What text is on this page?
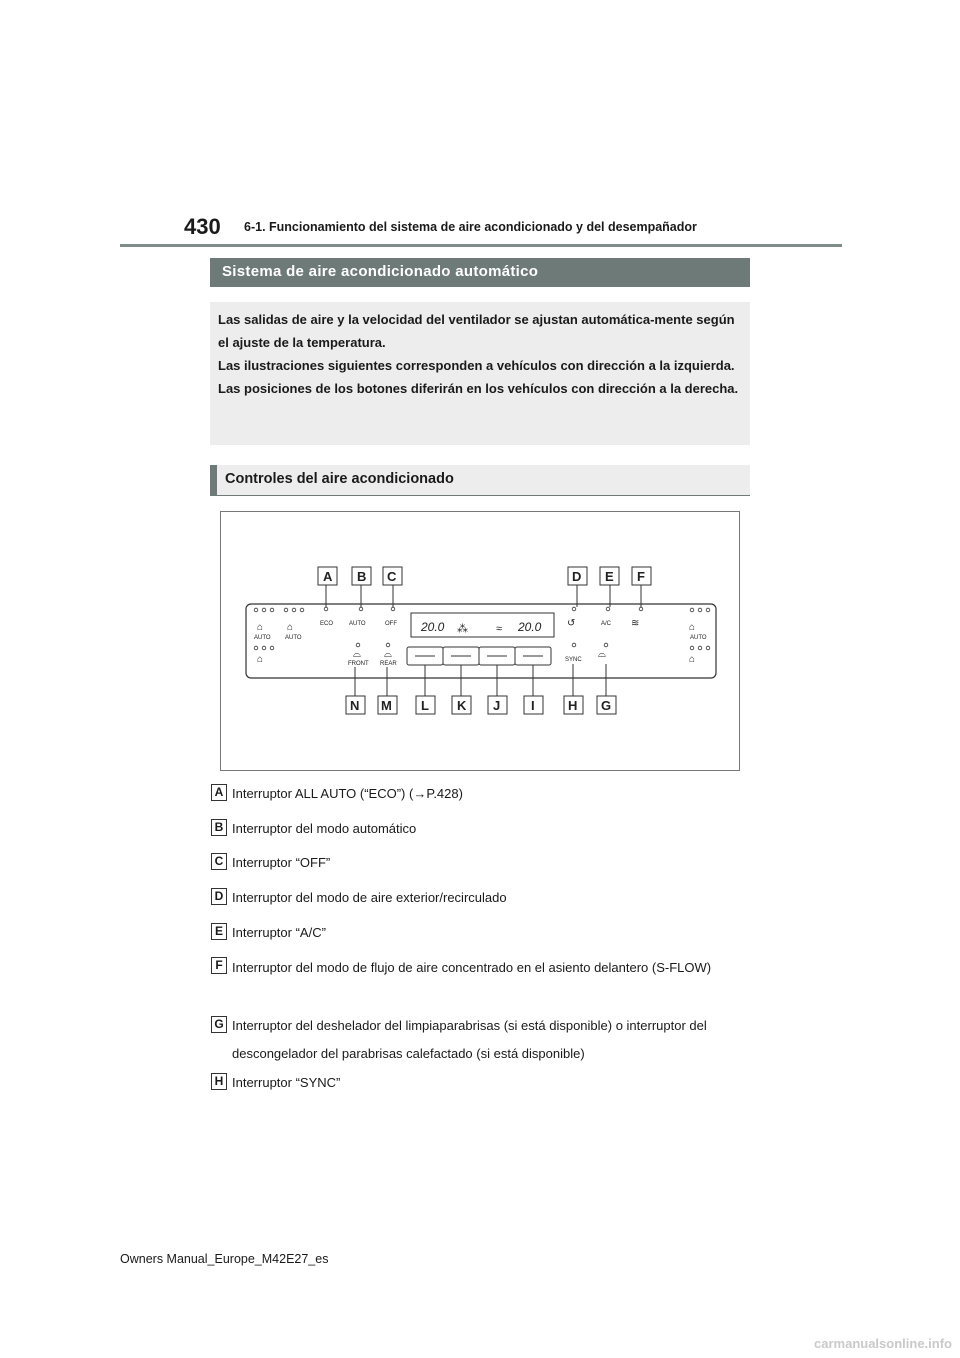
430 6-1. Funcionamiento del sistema de aire acondicionado y del desempañador
Sistema de aire acondicionado automático

Las salidas de aire y la velocidad del ventilador se ajustan automática-mente según el ajuste de la temperatura.

Las ilustraciones siguientes corresponden a vehículos con dirección a la izquierda.

Las posiciones de los botones diferirán en los vehículos con dirección a la derecha.

Controles del aire acondicionado
20.0	20.0
⁂	≈
AUTO AUTO
ECO	AUTO	OFF	A/C
AUTO
FRONT REAR
SYNC
⌂ ⌂	⌂
⌂	⌂
↺	≋
⌓ ⌓	⌓
A B C	D E F
N M L K J I	H G
A Interruptor ALL AUTO (“ECO”) (→P.428)
B Interruptor del modo automático
C Interruptor “OFF”
D Interruptor del modo de aire exterior/recirculado
E Interruptor “A/C”
F Interruptor del modo de flujo de aire concentrado en el asiento delantero (S-FLOW)
G Interruptor del deshelador del limpiaparabrisas (si está disponible) o interruptor del descongelador del parabrisas calefactado (si está disponible)
H Interruptor “SYNC”
Owners Manual_Europe_M42E27_es
carmanualsonline.info
